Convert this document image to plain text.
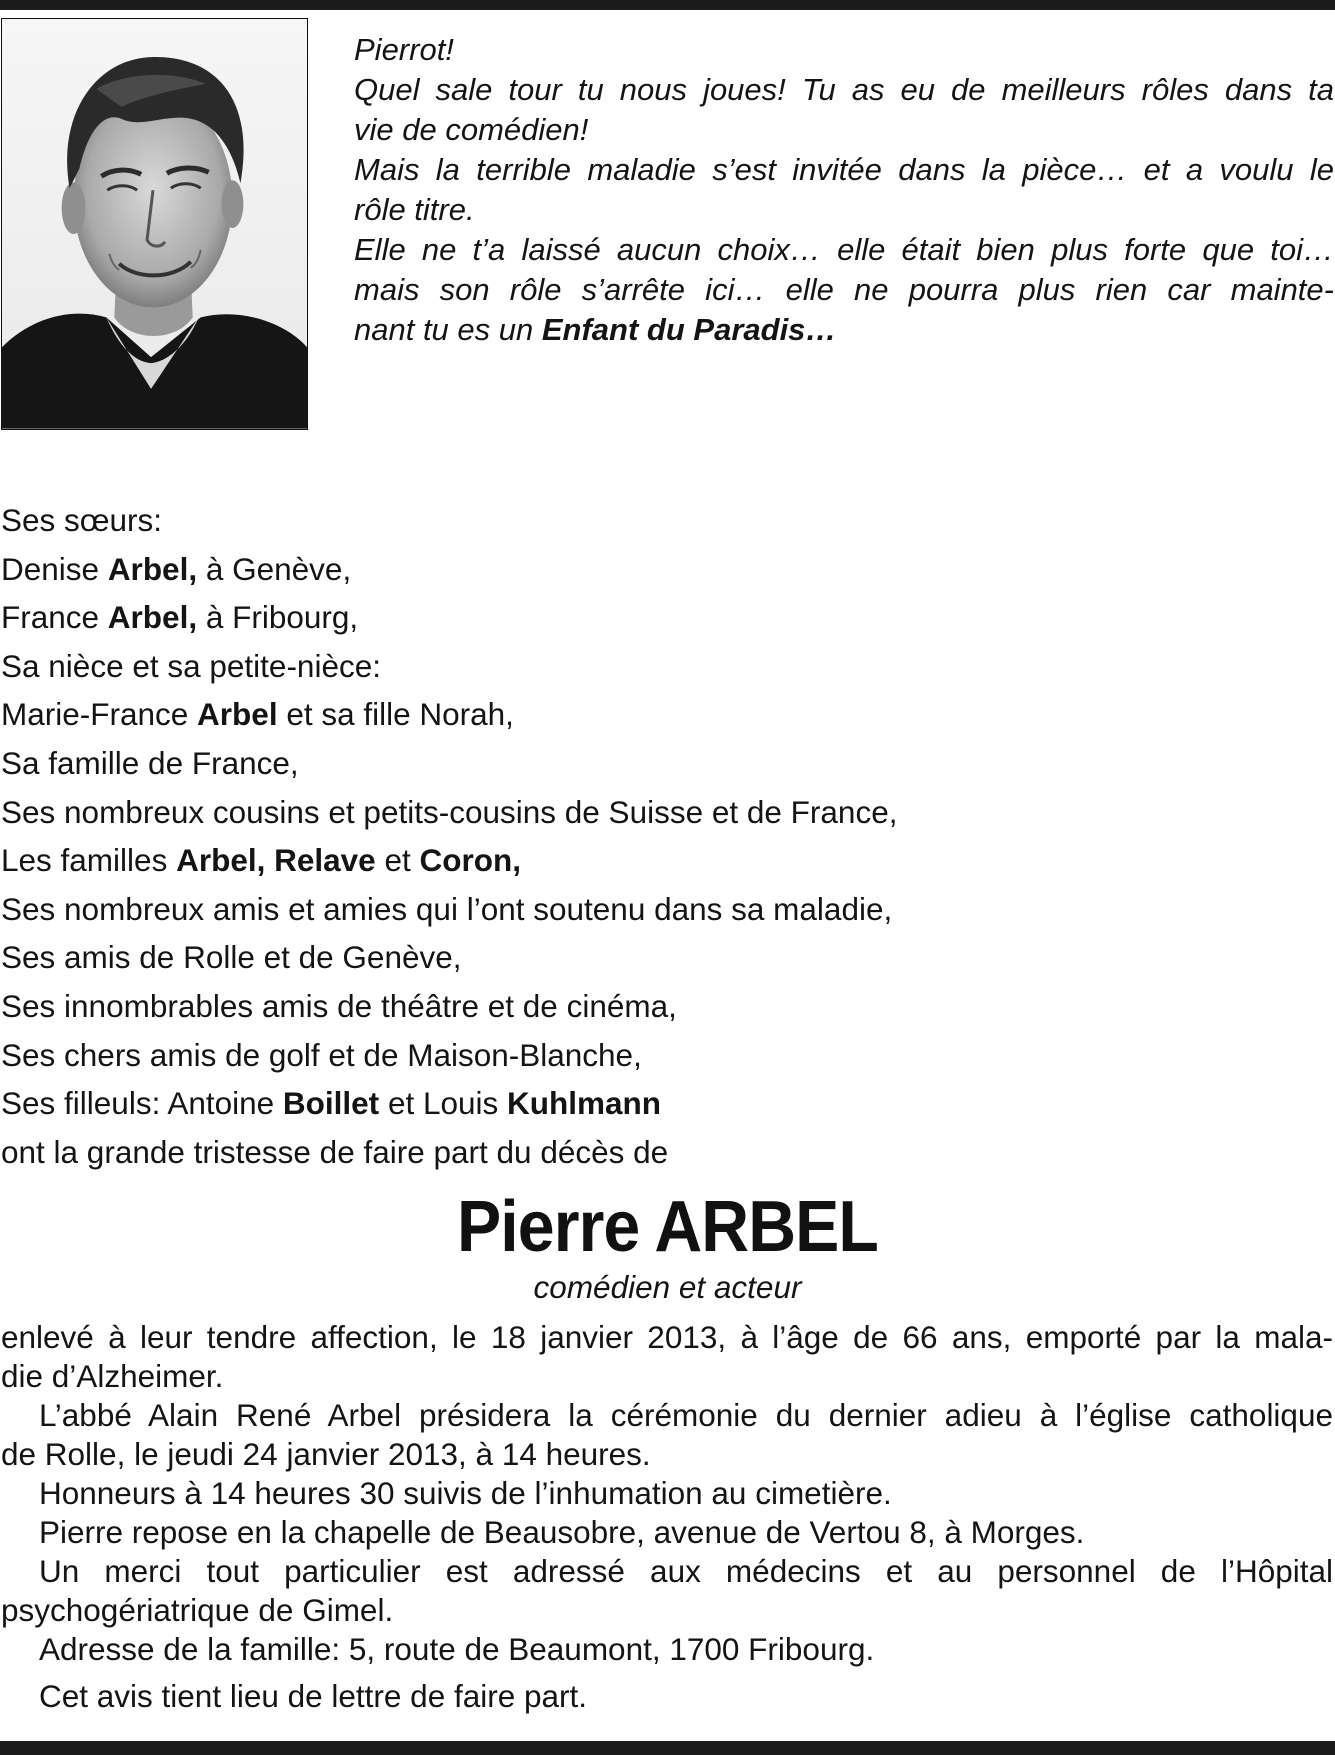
Pierrot!

Quel sale tour tu nous joues! Tu as eu de meilleurs rôles dans ta

vie de comédien!

Mais la terrible maladie s’est invitée dans la pièce… et a voulu le

rôle titre.

Elle ne t’a laissé aucun choix… elle était bien plus forte que toi…

mais son rôle s’arrête ici… elle ne pourra plus rien car mainte-

nant tu es un Enfant du Paradis…

Ses sœurs:
Denise Arbel, à Genève,
France Arbel, à Fribourg,
Sa nièce et sa petite-nièce:
Marie-France Arbel et sa fille Norah,
Sa famille de France,
Ses nombreux cousins et petits-cousins de Suisse et de France,
Les familles Arbel, Relave et Coron,
Ses nombreux amis et amies qui l’ont soutenu dans sa maladie,
Ses amis de Rolle et de Genève,
Ses innombrables amis de théâtre et de cinéma,
Ses chers amis de golf et de Maison-Blanche,
Ses filleuls: Antoine Boillet et Louis Kuhlmann
ont la grande tristesse de faire part du décès de
Pierre ARBEL
comédien et acteur

enlevé à leur tendre affection, le 18 janvier 2013, à l’âge de 66 ans, emporté par la mala-

die d’Alzheimer.

L’abbé Alain René Arbel présidera la cérémonie du dernier adieu à l’église catholique

de Rolle, le jeudi 24 janvier 2013, à 14 heures.

Honneurs à 14 heures 30 suivis de l’inhumation au cimetière.

Pierre repose en la chapelle de Beausobre, avenue de Vertou 8, à Morges.

Un merci tout particulier est adressé aux médecins et au personnel de l’Hôpital

psychogériatrique de Gimel.

Adresse de la famille: 5, route de Beaumont, 1700 Fribourg.

Cet avis tient lieu de lettre de faire part.
